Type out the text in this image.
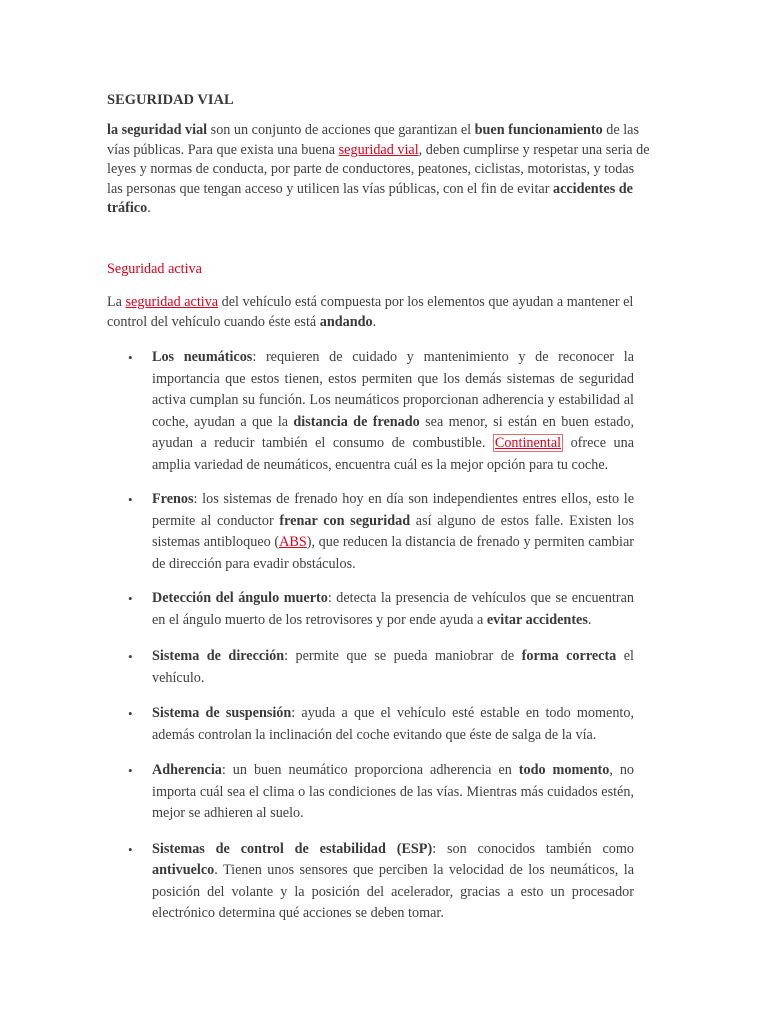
SEGURIDAD VIAL

la seguridad vial son un conjunto de acciones que garantizan el buen funcionamiento de las vías públicas. Para que exista una buena seguridad vial, deben cumplirse y respetar una seria de leyes y normas de conducta, por parte de conductores, peatones, ciclistas, motoristas, y todas las personas que tengan acceso y utilicen las vías públicas, con el fin de evitar accidentes de tráfico.

Seguridad activa

La seguridad activa del vehículo está compuesta por los elementos que ayudan a mantener el control del vehículo cuando éste está andando.

• Los neumáticos: requieren de cuidado y mantenimiento y de reconocer la importancia que estos tienen, estos permiten que los demás sistemas de seguridad activa cumplan su función. Los neumáticos proporcionan adherencia y estabilidad al coche, ayudan a que la distancia de frenado sea menor, si están en buen estado, ayudan a reducir también el consumo de combustible. Continental ofrece una amplia variedad de neumáticos, encuentra cuál es la mejor opción para tu coche.
• Frenos: los sistemas de frenado hoy en día son independientes entres ellos, esto le permite al conductor frenar con seguridad así alguno de estos falle. Existen los sistemas antibloqueo (ABS), que reducen la distancia de frenado y permiten cambiar de dirección para evadir obstáculos.
• Detección del ángulo muerto: detecta la presencia de vehículos que se encuentran en el ángulo muerto de los retrovisores y por ende ayuda a evitar accidentes.
• Sistema de dirección: permite que se pueda maniobrar de forma correcta el vehículo.
• Sistema de suspensión: ayuda a que el vehículo esté estable en todo momento, además controlan la inclinación del coche evitando que éste de salga de la vía.
• Adherencia: un buen neumático proporciona adherencia en todo momento, no importa cuál sea el clima o las condiciones de las vías. Mientras más cuidados estén, mejor se adhieren al suelo.
• Sistemas de control de estabilidad (ESP): son conocidos también como antivuelco. Tienen unos sensores que perciben la velocidad de los neumáticos, la posición del volante y la posición del acelerador, gracias a esto un procesador electrónico determina qué acciones se deben tomar.
